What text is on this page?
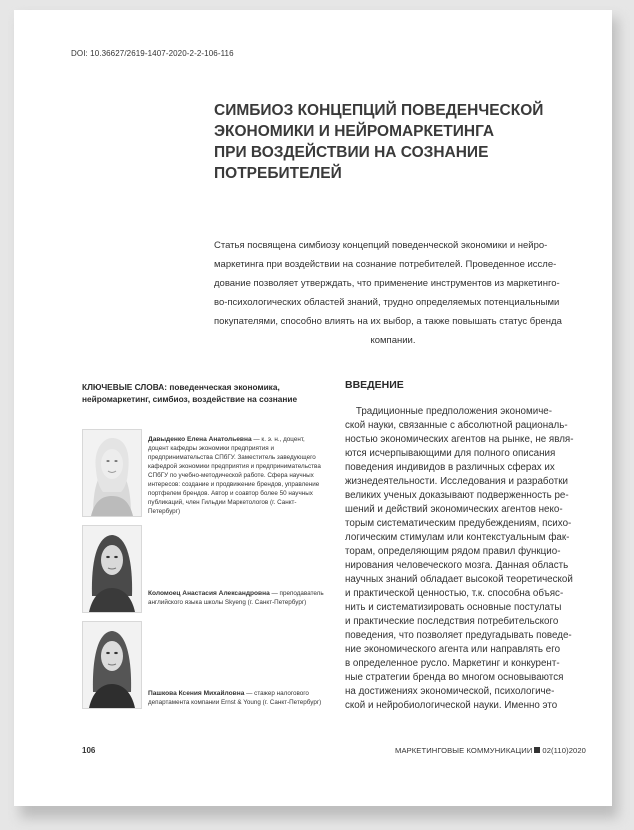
DOI: 10.36627/2619-1407-2020-2-2-106-116
СИМБИОЗ КОНЦЕПЦИЙ ПОВЕДЕНЧЕСКОЙ
ЭКОНОМИКИ И НЕЙРОМАРКЕТИНГА
ПРИ ВОЗДЕЙСТВИИ НА СОЗНАНИЕ
ПОТРЕБИТЕЛЕЙ
Статья посвящена симбиозу концепций поведенческой экономики и нейро-
маркетинга при воздействии на сознание потребителей. Проведенное иссле-
дование позволяет утверждать, что применение инструментов из маркетинго-
во-психологических областей знаний, трудно определяемых потенциальными
покупателями, способно влиять на их выбор, а также повышать статус бренда
компании.
КЛЮЧЕВЫЕ СЛОВА: поведенческая экономика, нейромаркетинг, симбиоз, воздействие на сознание
Давыденко Елена Анатольевна — к. э. н., доцент, доцент кафедры экономики предприятия и предпринимательства СПбГУ. Заместитель заведующего кафедрой экономики предприятия и предпринимательства СПбГУ по учебно-методической работе. Сфера научных интересов: создание и продвижение брендов, управление портфелем брендов. Автор и соавтор более 50 научных публикаций, член Гильдии Маркетологов (г. Санкт-Петербург)
Коломоец Анастасия Александровна — преподаватель английского языка школы Skyeng (г. Санкт-Петербург)
Пашкова Ксения Михайловна — стажер налогового департамента компании Ernst & Young (г. Санкт-Петербург)
ВВЕДЕНИЕ
Традиционные предположения экономиче-
ской науки, связанные с абсолютной рациональ-
ностью экономических агентов на рынке, не явля-
ются исчерпывающими для полного описания
поведения индивидов в различных сферах их
жизнедеятельности. Исследования и разработки
великих ученых доказывают подверженность ре-
шений и действий экономических агентов неко-
торым систематическим предубеждениям, психо-
логическим стимулам или контекстуальным фак-
торам, определяющим рядом правил функцио-
нирования человеческого мозга. Данная область
научных знаний обладает высокой теоретической
и практической ценностью, т.к. способна объяс-
нить и систематизировать основные постулаты
и практические последствия потребительского
поведения, что позволяет предугадывать поведе-
ние экономического агента или направлять его
в определенное русло. Маркетинг и конкурент-
ные стратегии бренда во многом основываются
на достижениях экономической, психологиче-
ской и нейробиологической науки. Именно это
106	МАРКЕТИНГОВЫЕ КОММУНИКАЦИИ 02(110)2020
